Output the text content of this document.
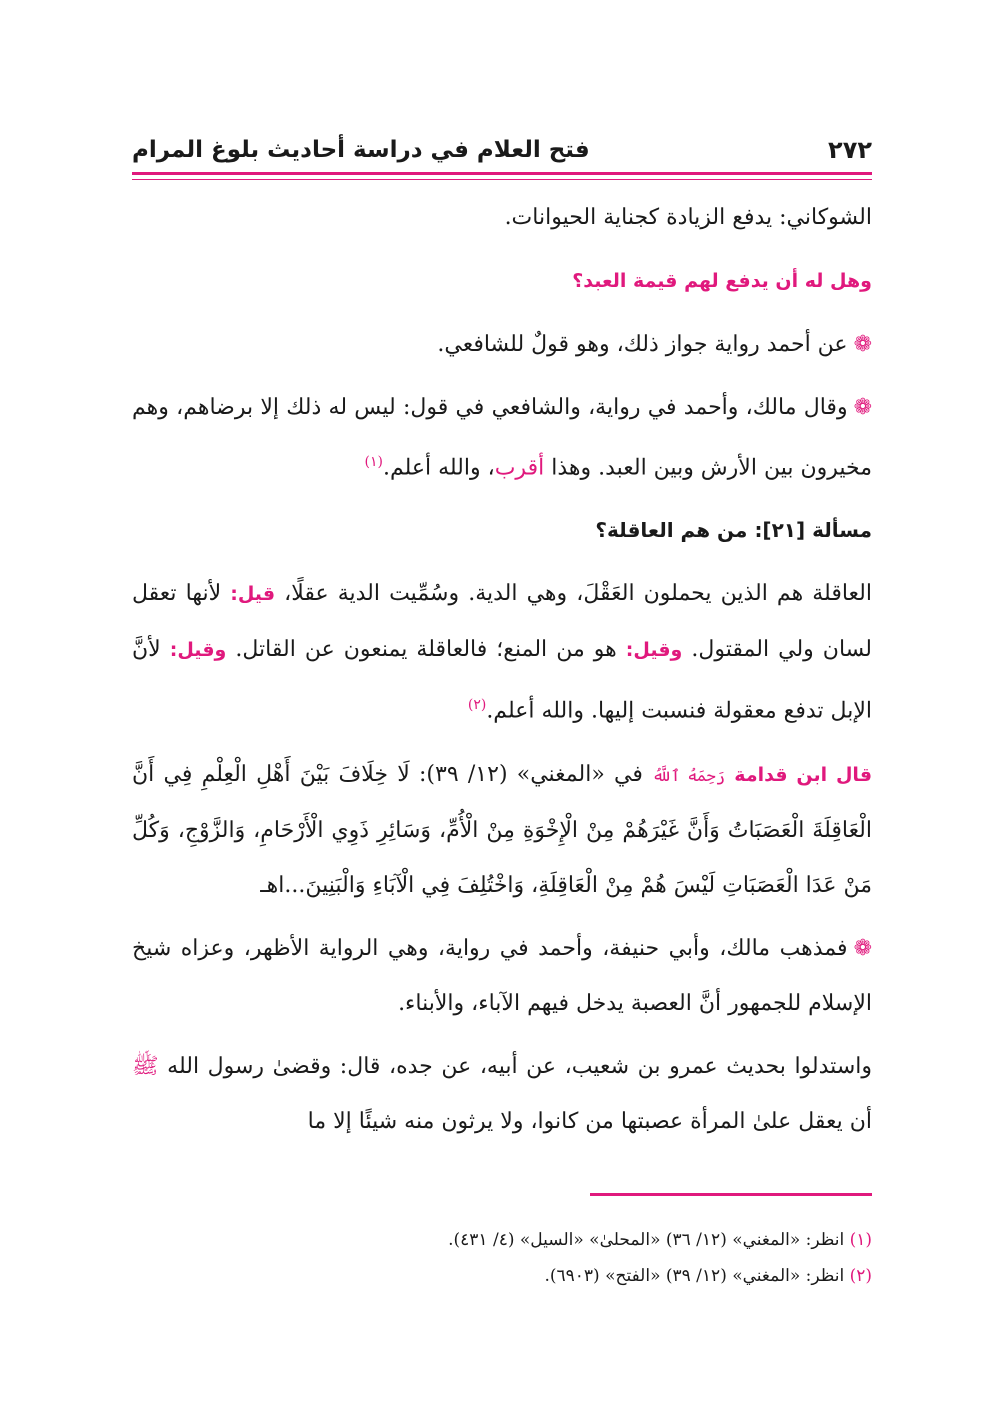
٢٧٢
فتح العلام في دراسة أحاديث بلوغ المرام

الشوكاني: يدفع الزيادة كجناية الحيوانات.

وهل له أن يدفع لهم قيمة العبد؟

❁عن أحمد رواية جواز ذلك، وهو قولٌ للشافعي.

❁وقال مالك، وأحمد في رواية، والشافعي في قول: ليس له ذلك إلا برضاهم، وهم مخيرون بين الأرش وبين العبد. وهذا أقرب، والله أعلم.$^{(١)}$

مسألة [٢١]: من هم العاقلة؟

العاقلة هم الذين يحملون العَقْلَ، وهي الدية. وسُمِّيت الدية عقلًا، قيل: لأنها تعقل لسان ولي المقتول. وقيل: هو من المنع؛ فالعاقلة يمنعون عن القاتل. وقيل: لأنَّ الإبل تدفع معقولة فنسبت إليها. والله أعلم.$^{(٢)}$

قال ابن قدامة رَحِمَهُ ٱللَّهُ في «المغني» (١٢/ ٣٩): لَا خِلَافَ بَيْنَ أَهْلِ الْعِلْمِ فِي أَنَّ الْعَاقِلَةَ الْعَصَبَاتُ وَأَنَّ غَيْرَهُمْ مِنْ الْإِخْوَةِ مِنْ الْأُمِّ، وَسَائِرِ ذَوِي الْأَرْحَامِ، وَالزَّوْجِ، وَكُلِّ مَنْ عَدَا الْعَصَبَاتِ لَيْسَ هُمْ مِنْ الْعَاقِلَةِ، وَاخْتُلِفَ فِي الْآبَاءِ وَالْبَنِينَ...اهـ

❁فمذهب مالك، وأبي حنيفة، وأحمد في رواية، وهي الرواية الأظهر، وعزاه شيخ الإسلام للجمهور أنَّ العصبة يدخل فيهم الآباء، والأبناء.

واستدلوا بحديث عمرو بن شعيب، عن أبيه، عن جده، قال: وقضىٰ رسول الله ﷺ أن يعقل علىٰ المرأة عصبتها من كانوا، ولا يرثون منه شيئًا إلا ما

(١) انظر: «المغني» (١٢/ ٣٦) «المحلىٰ» «السيل» (٤/ ٤٣١).

(٢) انظر: «المغني» (١٢/ ٣٩) «الفتح» (٦٩٠٣).
